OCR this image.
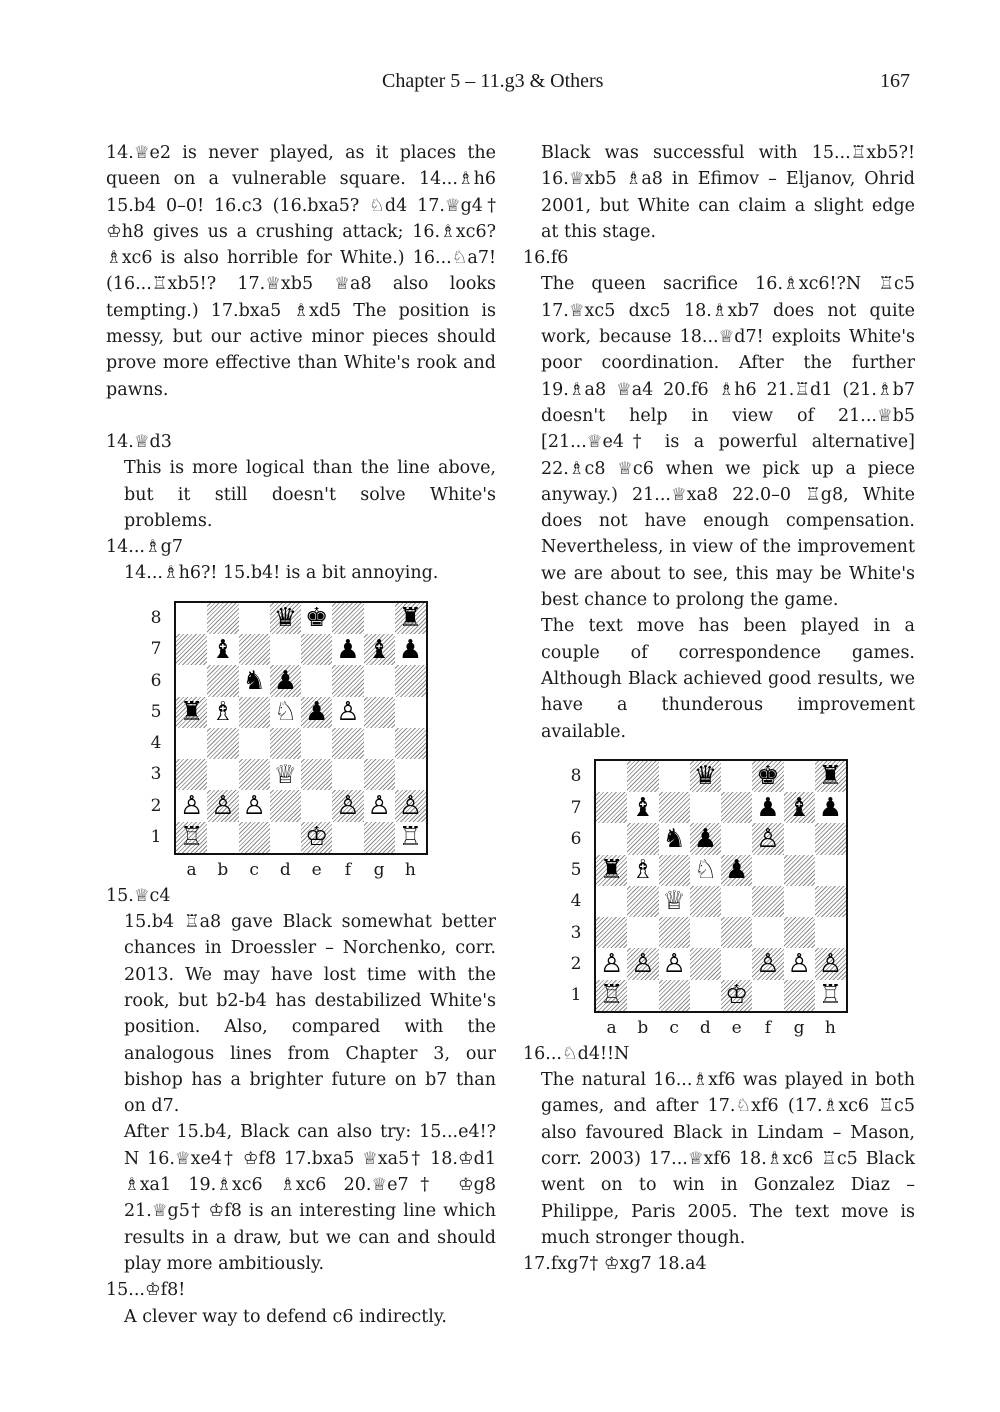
Chapter 5 – 11.g3 & Others	167

14.♕e2 is never played, as it places the queen on a vulnerable square. 14...♗h6 15.b4 0–0! 16.c3 (16.bxa5? ♘d4 17.♕g4† ♔h8 gives us a crushing attack; 16.♗xc6? ♗xc6 is also horrible for White.) 16...♘a7! (16...♖xb5!? 17.♕xb5 ♕a8 also looks tempting.) 17.bxa5 ♗xd5 The position is messy, but our active minor pieces should prove more effective than White's rook and pawns.

14.♕d3

This is more logical than the line above, but it still doesn't solve White's problems.

14...♗g7

14...♗h6?! 15.b4! is a bit annoying.

8
7
6
5
4
3
2
1
♛ ♚	♜
♝	♟ ♝ ♟
♞ ♟
♜ ♗ ♘ ♟ ♙
♕
♙ ♙ ♙	♙ ♙ ♙
♖	♔	♖
a	b	c	d	e	f	g	h

15.♕c4

15.b4 ♖a8 gave Black somewhat better chances in Droessler – Norchenko, corr. 2013. We may have lost time with the rook, but b2-b4 has destabilized White's position. Also, compared with the analogous lines from Chapter 3, our bishop has a brighter future on b7 than on d7.

After 15.b4, Black can also try: 15...e4!?N 16.♕xe4† ♔f8 17.bxa5 ♕xa5† 18.♔d1 ♗xa1 19.♗xc6 ♗xc6 20.♕e7† ♔g8 21.♕g5† ♔f8 is an interesting line which results in a draw, but we can and should play more ambitiously.

15...♔f8!

A clever way to defend c6 indirectly.

Black was successful with 15...♖xb5?! 16.♕xb5 ♗a8 in Efimov – Eljanov, Ohrid 2001, but White can claim a slight edge at this stage.

16.f6

The queen sacrifice 16.♗xc6!?N ♖c5 17.♕xc5 dxc5 18.♗xb7 does not quite work, because 18...♕d7! exploits White's poor coordination. After the further 19.♗a8 ♕a4 20.f6 ♗h6 21.♖d1 (21.♗b7 doesn't help in view of 21...♕b5 [21...♕e4† is a powerful alternative] 22.♗c8 ♕c6 when we pick up a piece anyway.) 21...♕xa8 22.0–0 ♖g8, White does not have enough compensation. Nevertheless, in view of the improvement we are about to see, this may be White's best chance to prolong the game.

The text move has been played in a couple of correspondence games. Although Black achieved good results, we have a thunderous improvement available.

8
7
6
5
4
3
2
1
♛ ♚ ♜
♝	♟ ♝ ♟
♞ ♟ ♙
♜ ♗ ♘ ♟
♕
♙ ♙ ♙	♙ ♙ ♙
♖	♔	♖
a	b	c	d	e	f	g	h

16...♘d4!!N

The natural 16...♗xf6 was played in both games, and after 17.♘xf6 (17.♗xc6 ♖c5 also favoured Black in Lindam – Mason, corr. 2003) 17...♕xf6 18.♗xc6 ♖c5 Black went on to win in Gonzalez Diaz – Philippe, Paris 2005. The text move is much stronger though.

17.fxg7† ♔xg7 18.a4
